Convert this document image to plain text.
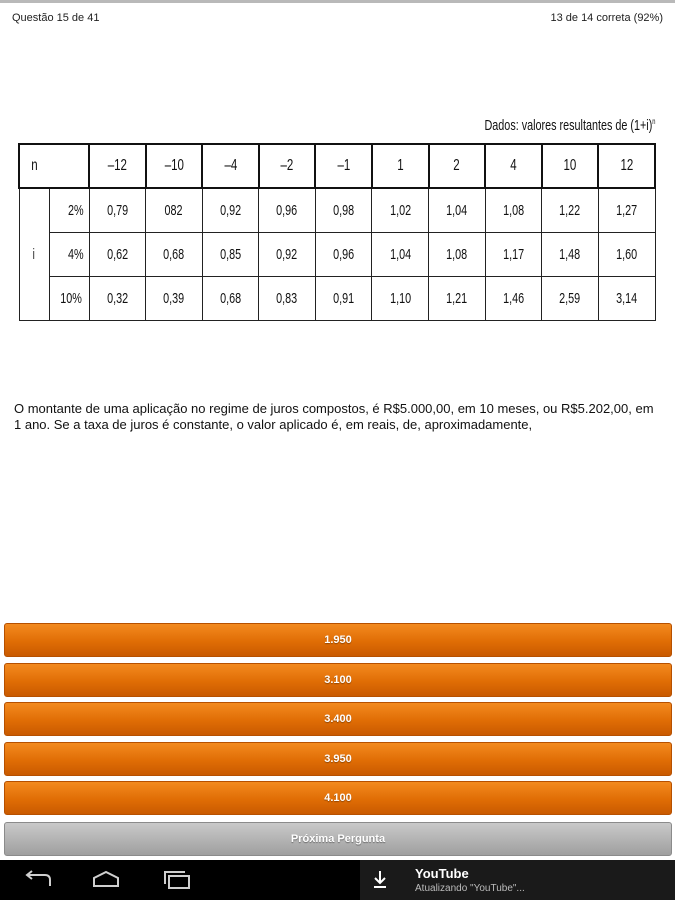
Questão 15 de 41	13 de 14 correta (92%)
Dados: valores resultantes de $(1+i)^n$
n		–12	–10	–4	–2	–1	1	2	4	10	12
i	2%	0,79	082	0,92	0,96	0,98	1,02	1,04	1,08	1,22	1,27
	4%	0,62	0,68	0,85	0,92	0,96	1,04	1,08	1,17	1,48	1,60
	10%	0,32	0,39	0,68	0,83	0,91	1,10	1,21	1,46	2,59	3,14

O montante de uma aplicação no regime de juros compostos, é R$5.000,00, em 10 meses, ou R$5.202,00, em 1 ano. Se a taxa de juros é constante, o valor aplicado é, em reais, de, aproximadamente,

1.950
3.100
3.400
3.950
4.100
Próxima Pergunta
YouTube
Atualizando "YouTube"...
